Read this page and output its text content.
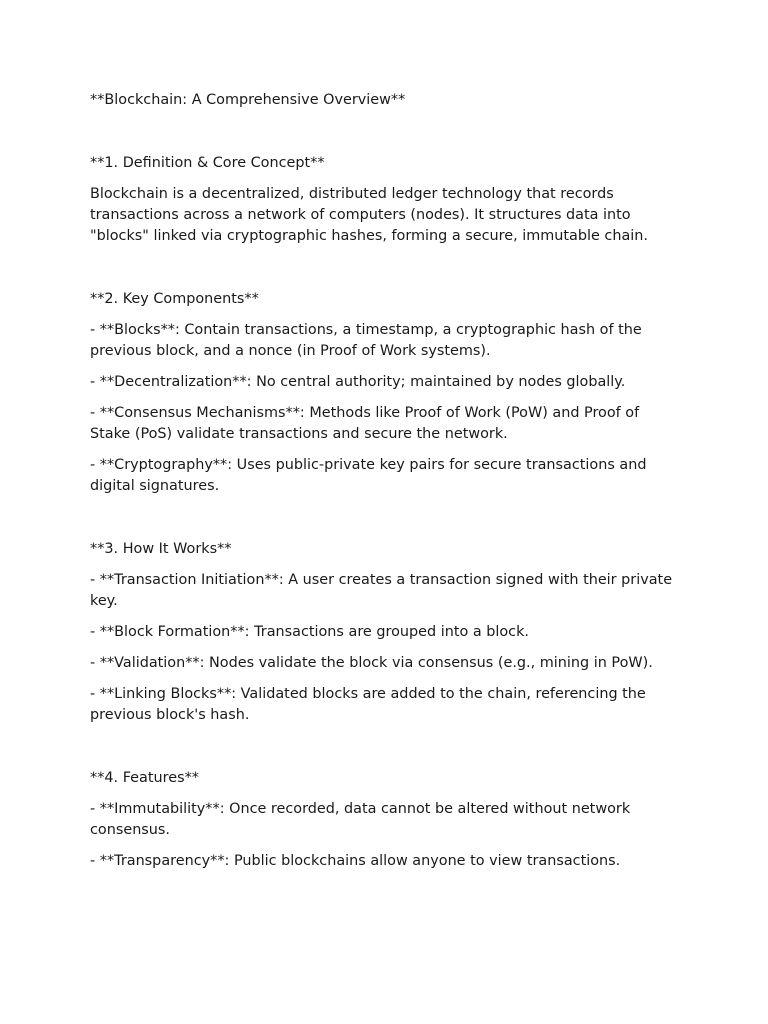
**Blockchain: A Comprehensive Overview**

**1. Definition & Core Concept**

Blockchain is a decentralized, distributed ledger technology that records transactions across a network of computers (nodes). It structures data into "blocks" linked via cryptographic hashes, forming a secure, immutable chain.

**2. Key Components**

- **Blocks**: Contain transactions, a timestamp, a cryptographic hash of the previous block, and a nonce (in Proof of Work systems).

- **Decentralization**: No central authority; maintained by nodes globally.

- **Consensus Mechanisms**: Methods like Proof of Work (PoW) and Proof of Stake (PoS) validate transactions and secure the network.

- **Cryptography**: Uses public-private key pairs for secure transactions and digital signatures.

**3. How It Works**

- **Transaction Initiation**: A user creates a transaction signed with their private key.

- **Block Formation**: Transactions are grouped into a block.

- **Validation**: Nodes validate the block via consensus (e.g., mining in PoW).

- **Linking Blocks**: Validated blocks are added to the chain, referencing the previous block's hash.

**4. Features**

- **Immutability**: Once recorded, data cannot be altered without network consensus.

- **Transparency**: Public blockchains allow anyone to view transactions.
